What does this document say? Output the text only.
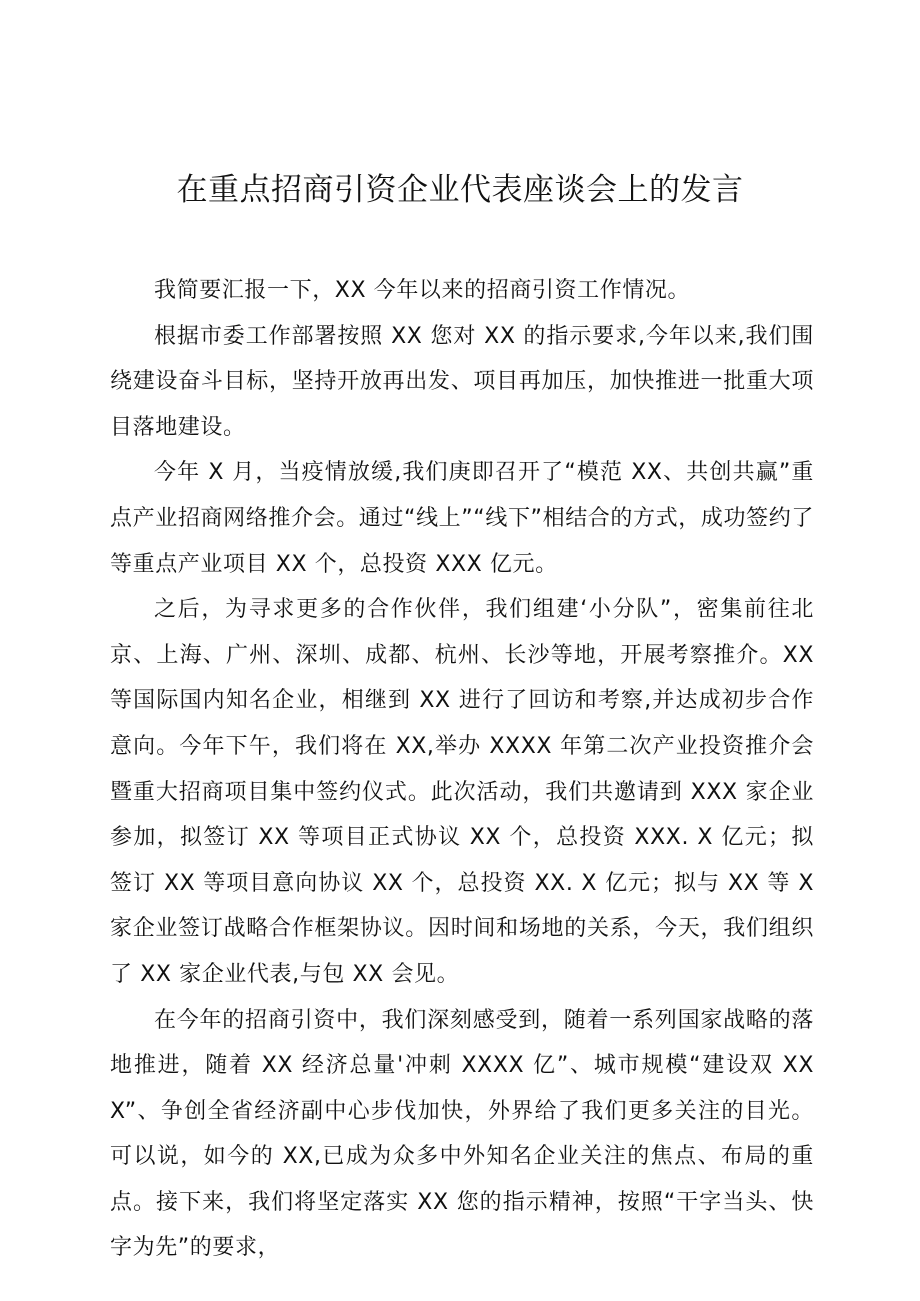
在重点招商引资企业代表座谈会上的发言

我简要汇报一下，XX 今年以来的招商引资工作情况。

根据市委工作部署按照 XX 您对 XX 的指示要求,今年以来,我们围绕建设奋斗目标，坚持开放再出发、项目再加压，加快推进一批重大项目落地建设。

今年 X 月，当疫情放缓,我们庚即召开了“模范 XX、共创共赢”重点产业招商网络推介会。通过“线上”“线下”相结合的方式，成功签约了等重点产业项目 XX 个，总投资 XXX 亿元。

之后，为寻求更多的合作伙伴，我们组建‘小分队”，密集前往北京、上海、广州、深圳、成都、杭州、长沙等地，开展考察推介。XX 等国际国内知名企业，相继到 XX 进行了回访和考察,并达成初步合作意向。今年下午，我们将在 XX,举办 XXXX 年第二次产业投资推介会暨重大招商项目集中签约仪式。此次活动，我们共邀请到 XXX 家企业参加，拟签订 XX 等项目正式协议 XX 个，总投资 XXX. X 亿元；拟签订 XX 等项目意向协议 XX 个，总投资 XX. X 亿元；拟与 XX 等 X 家企业签订战略合作框架协议。因时间和场地的关系，今天，我们组织了 XX 家企业代表,与包 XX 会见。

在今年的招商引资中，我们深刻感受到，随着一系列国家战略的落地推进，随着 XX 经济总量'冲刺 XXXX 亿”、城市规模“建设双 XXX”、争创全省经济副中心步伐加快，外界给了我们更多关注的目光。可以说，如今的 XX,已成为众多中外知名企业关注的焦点、布局的重点。接下来，我们将坚定落实 XX 您的指示精神，按照“干字当头、快字为先”的要求，
